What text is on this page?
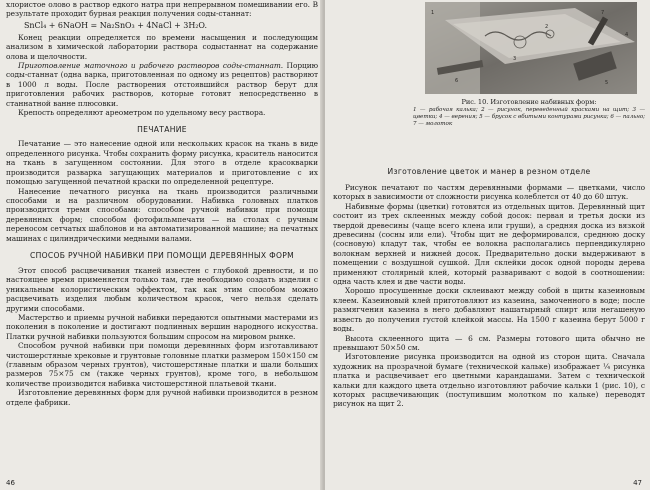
хлористое олово в раствор едкого натра при непрерывном помешивании его. В результате проходит бурная реакция получения соды-станнат:

SnCl₄ + 6NaOH = Na₂SnO₃ + 4NaCl + 3H₂O.

Конец реакции определяется по времени насыщения и последующим анализом в химической лаборатории раствора содыстаннат на содержание олова и щелочности.

Приготовление маточного и рабочего растворов соды-станнат. Порцию соды-станнат (одна варка, приготовленная по одному из рецептов) растворяют в 1000 л воды. После растворения отстоявшийся раствор берут для приготовления рабочих растворов, которые готовят непосредственно в станнатной ванне плюсовки.

Крепость определяют ареометром по удельному весу раствора.

ПЕЧАТАНИЕ

Печатание — это нанесение одной или нескольких красок на ткань в виде определенного рисунка. Чтобы сохранить форму рисунка, краситель наносится на ткань в загущенном состоянии. Для этого в отделе красокварки производится разварка загущающих материалов и приготовление с их помощью загущенной печатной краски по определенной рецептуре.

Нанесение печатного рисунка на ткань производится различными способами и на различном оборудовании. Набивка головных платков производится тремя способами: способом ручной набивки при помощи деревянных форм; способом фотофильмпечати — на столах с ручным переносом сетчатых шаблонов и на автоматизированной машине; на печатных машинах с цилиндрическими медными валами.

СПОСОБ РУЧНОЙ НАБИВКИ ПРИ ПОМОЩИ ДЕРЕВЯННЫХ ФОРМ

Этот способ расцвечивания тканей известен с глубокой древности, и по настоящее время применяется только там, где необходимо создать изделия с уникальным колористическим эффектом, так как этим способом можно расцвечивать изделия любым количеством красок, чего нельзя сделать другими способами.

Мастерство и приемы ручной набивки передаются опытными мастерами из поколения в поколение и достигают подлинных вершин народного искусства. Платки ручной набивки пользуются большим спросом на мировом рынке.

Способом ручной набивки при помощи деревянных форм изготавливают чистошерстяные хрeковые и грунтовые головные платки размером 150×150 см (главным образом черных грунтов), чистошерстяные платки и шали больших размеров 75×75 см (также черных грунтов), кроме того, в небольшом количестве производится набивка чистошерстяной платьевой ткани.

Изготовление деревянных форм для ручной набивки производится в резном отделе фабрики.

46
1
2
3
4
5
6
7

Рис. 10. Изготовление набивных форм:

1 — рабочая калька; 2 — рисунок, переведенный красками на щит; 3 — цветки; 4 — верения; 5 — брусок с вбитыми контурами рисунка; 6 — пально; 7 — молоток

Изготовление цветок и манер в резном отделе

Рисунок печатают по частям деревянными формами — цветками, число которых в зависимости от сложности рисунка колеблется от 40 до 60 штук.

Набивные формы (цветки) готовятся из отдельных щитов. Деревянный щит состоит из трех склеенных между собой досок: первая и третья доски из твердой древесины (чаще всего клена или груши), а средняя доска из вязкой древесины (сосны или ели). Чтобы щит не деформировался, среднюю доску (сосновую) кладут так, чтобы ее волокна располагались перпендикулярно волокнам верхней и нижней досок. Предварительно доски выдерживают в помещении с воздушной сушкой. Для склейки досок одной породы дерева применяют столярный клей, который разваривают с водой в соотношении: одна часть клея и две части воды.

Хорошо просушенные доски склеивают между собой в щиты казеиновым клеем. Казеиновый клей приготовляют из казеина, замоченного в воде; после размягчения казеина в него добавляют нашатырный спирт или негашеную известь до получения густой клейкой массы. На 1500 г казеина берут 5000 г воды.

Высота склеенного щита — 6 см. Размеры готового щита обычно не превышают 50×50 см.

Изготовление рисунка производится на одной из сторон щита. Сначала художник на прозрачной бумаге (технической кальке) изображает ¼ рисунка платка и расцвечивает его цветными карандашами. Затем с технической кальки для каждого цвета отдельно изготовляют рабочие кальки 1 (рис. 10), с которых расцвечивающик (поступившим молотком по кальке) переводят рисунок на щит 2.

47
